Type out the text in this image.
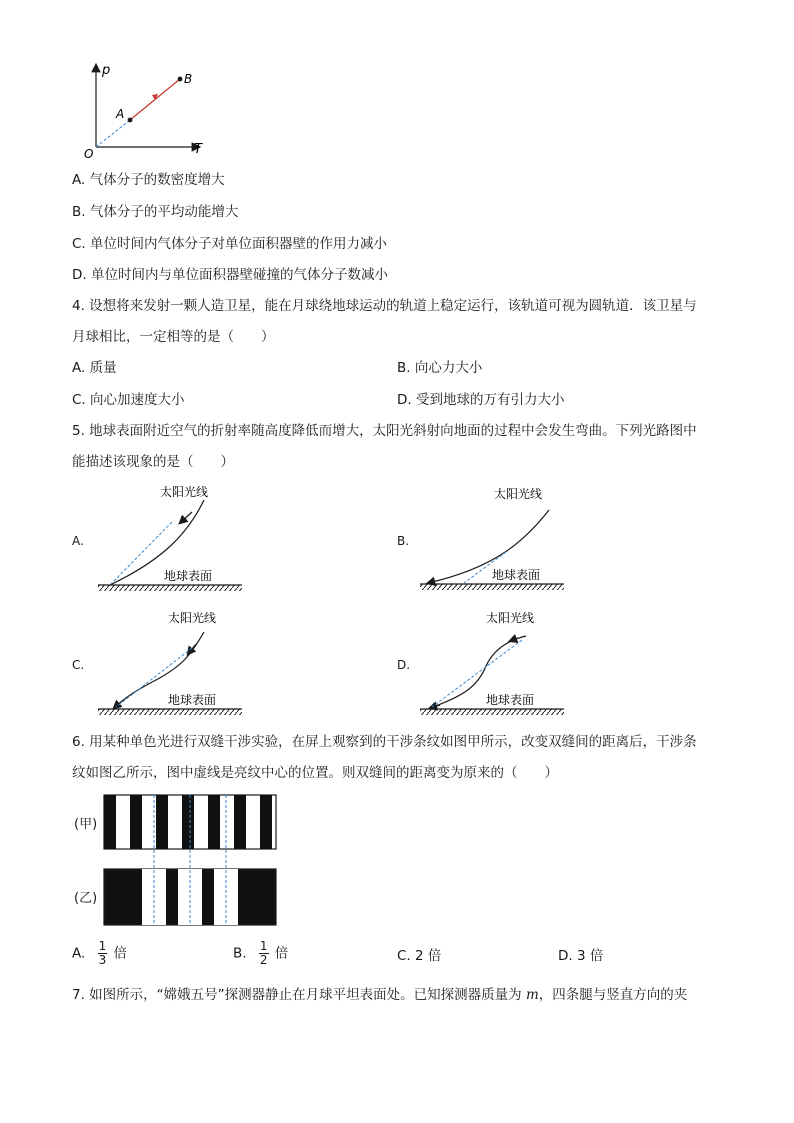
p
T
O
A
B
A. 气体分子的数密度增大
B. 气体分子的平均动能增大
C. 单位时间内气体分子对单位面积器壁的作用力减小
D. 单位时间内与单位面积器壁碰撞的气体分子数减小
4. 设想将来发射一颗人造卫星，能在月球绕地球运动的轨道上稳定运行，该轨道可视为圆轨道．该卫星与
月球相比，一定相等的是（　　）
A. 质量	B. 向心力大小
C. 向心加速度大小	D. 受到地球的万有引力大小
5. 地球表面附近空气的折射率随高度降低而增大，太阳光斜射向地面的过程中会发生弯曲。下列光路图中
能描述该现象的是（　　）
A.	B.
C.	D.
太阳光线
地球表面
太阳光线
地球表面
太阳光线
地球表面
太阳光线
地球表面
6. 用某种单色光进行双缝干涉实验，在屏上观察到的干涉条纹如图甲所示，改变双缝间的距离后，干涉条
纹如图乙所示，图中虚线是亮纹中心的位置。则双缝间的距离变为原来的（　　）
(甲)
(乙)
A. $\frac{1}{3}$ 倍	B. $\frac{1}{2}$ 倍	C. 2 倍	D. 3 倍
7. 如图所示，“嫦娥五号”探测器静止在月球平坦表面处。已知探测器质量为 m，四条腿与竖直方向的夹
